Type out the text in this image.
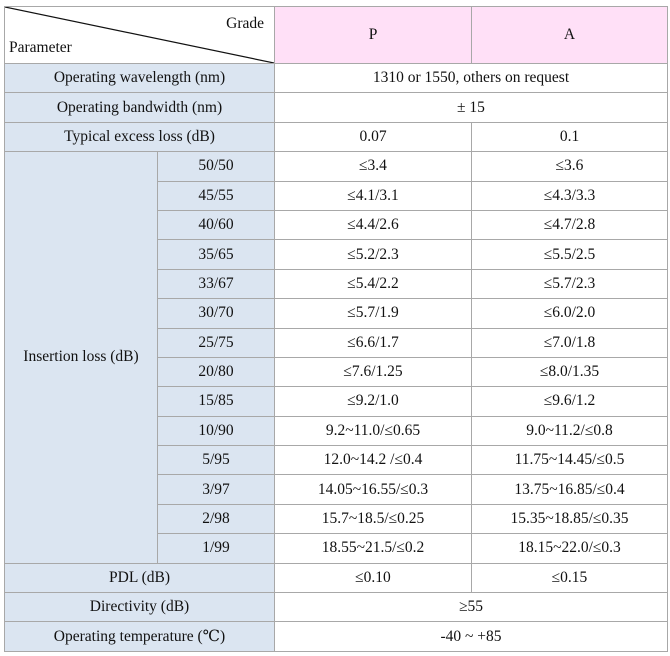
Grade
Parameter		P	A
Operating wavelength (nm)		1310 or 1550, others on request	
Operating bandwidth (nm)		± 15	
Typical excess loss (dB)		0.07	0.1
Insertion loss (dB)	50/50	≤3.4	≤3.6
	45/55	≤4.1/3.1	≤4.3/3.3
	40/60	≤4.4/2.6	≤4.7/2.8
	35/65	≤5.2/2.3	≤5.5/2.5
	33/67	≤5.4/2.2	≤5.7/2.3
	30/70	≤5.7/1.9	≤6.0/2.0
	25/75	≤6.6/1.7	≤7.0/1.8
	20/80	≤7.6/1.25	≤8.0/1.35
	15/85	≤9.2/1.0	≤9.6/1.2
	10/90	9.2~11.0/≤0.65	9.0~11.2/≤0.8
	5/95	12.0~14.2 /≤0.4	11.75~14.45/≤0.5
	3/97	14.05~16.55/≤0.3	13.75~16.85/≤0.4
	2/98	15.7~18.5/≤0.25	15.35~18.85/≤0.35
	1/99	18.55~21.5/≤0.2	18.15~22.0/≤0.3
PDL (dB)		≤0.10	≤0.15
Directivity (dB)		≥55	
Operating temperature (℃)		-40 ~ +85	
